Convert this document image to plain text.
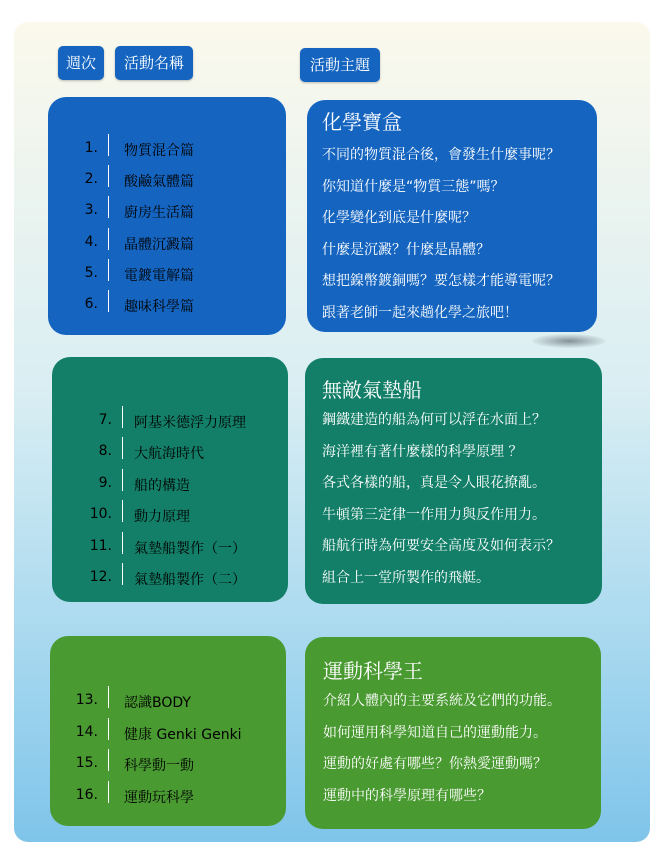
週次	活動名稱	活動主題
1. 物質混合篇
2. 酸鹼氣體篇
3. 廚房生活篇
4. 晶體沉澱篇
5. 電鍍電解篇
6. 趣味科學篇
化學寶盒
不同的物質混合後，會發生什麼事呢？
你知道什麼是“物質三態”嗎？
化學變化到底是什麼呢？
什麼是沉澱？什麼是晶體？
想把鎳幣鍍銅嗎？要怎樣才能導電呢？
跟著老師一起來趟化學之旅吧！
7. 阿基米德浮力原理
8. 大航海時代
9. 船的構造
10. 動力原理
11. 氣墊船製作（一）
12. 氣墊船製作（二）
無敵氣墊船
鋼鐵建造的船為何可以浮在水面上？
海洋裡有著什麼樣的科學原理 ？
各式各樣的船，真是令人眼花撩亂。
牛頓第三定律一作用力與反作用力。
船航行時為何要安全高度及如何表示？
組合上一堂所製作的飛艇。
13. 認識BODY
14. 健康 Genki Genki
15. 科學動一動
16. 運動玩科學
運動科學王
介紹人體內的主要系統及它們的功能。
如何運用科學知道自己的運動能力。
運動的好處有哪些？你熱愛運動嗎？
運動中的科學原理有哪些？
